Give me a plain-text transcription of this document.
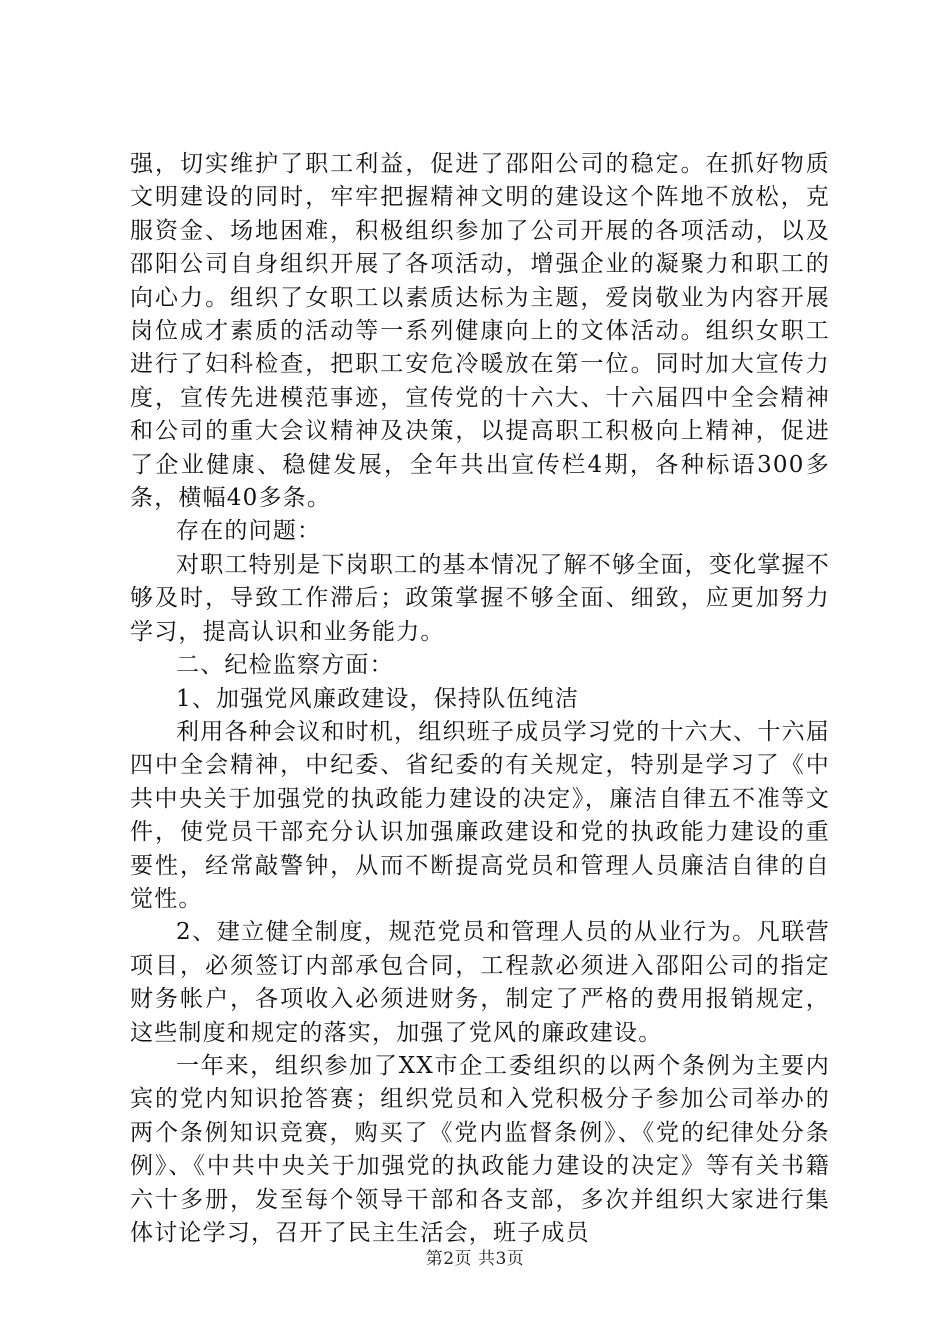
强，切实维护了职工利益，促进了邵阳公司的稳定。在抓好物质文明建设的同时，牢牢把握精神文明的建设这个阵地不放松，克服资金、场地困难，积极组织参加了公司开展的各项活动，以及邵阳公司自身组织开展了各项活动，增强企业的凝聚力和职工的向心力。组织了女职工以素质达标为主题，爱岗敬业为内容开展岗位成才素质的活动等一系列健康向上的文体活动。组织女职工进行了妇科检查，把职工安危冷暖放在第一位。同时加大宣传力度，宣传先进模范事迹，宣传党的十六大、十六届四中全会精神和公司的重大会议精神及决策，以提高职工积极向上精神，促进了企业健康、稳健发展，全年共出宣传栏4期，各种标语300多条，横幅40多条。

存在的问题：

对职工特别是下岗职工的基本情况了解不够全面，变化掌握不够及时，导致工作滞后；政策掌握不够全面、细致，应更加努力学习，提高认识和业务能力。

二、纪检监察方面：

1、加强党风廉政建设，保持队伍纯洁

利用各种会议和时机，组织班子成员学习党的十六大、十六届四中全会精神，中纪委、省纪委的有关规定，特别是学习了《中共中央关于加强党的执政能力建设的决定》，廉洁自律五不准等文件，使党员干部充分认识加强廉政建设和党的执政能力建设的重要性，经常敲警钟，从而不断提高党员和管理人员廉洁自律的自觉性。

2、建立健全制度，规范党员和管理人员的从业行为。凡联营项目，必须签订内部承包合同，工程款必须进入邵阳公司的指定财务帐户，各项收入必须进财务，制定了严格的费用报销规定，这些制度和规定的落实，加强了党风的廉政建设。

一年来，组织参加了XX市企工委组织的以两个条例为主要内宾的党内知识抢答赛；组织党员和入党积极分子参加公司举办的两个条例知识竞赛，购买了《党内监督条例》、《党的纪律处分条例》、《中共中央关于加强党的执政能力建设的决定》等有关书籍六十多册，发至每个领导干部和各支部，多次并组织大家进行集体讨论学习，召开了民主生活会，班子成员

第2页 共3页
